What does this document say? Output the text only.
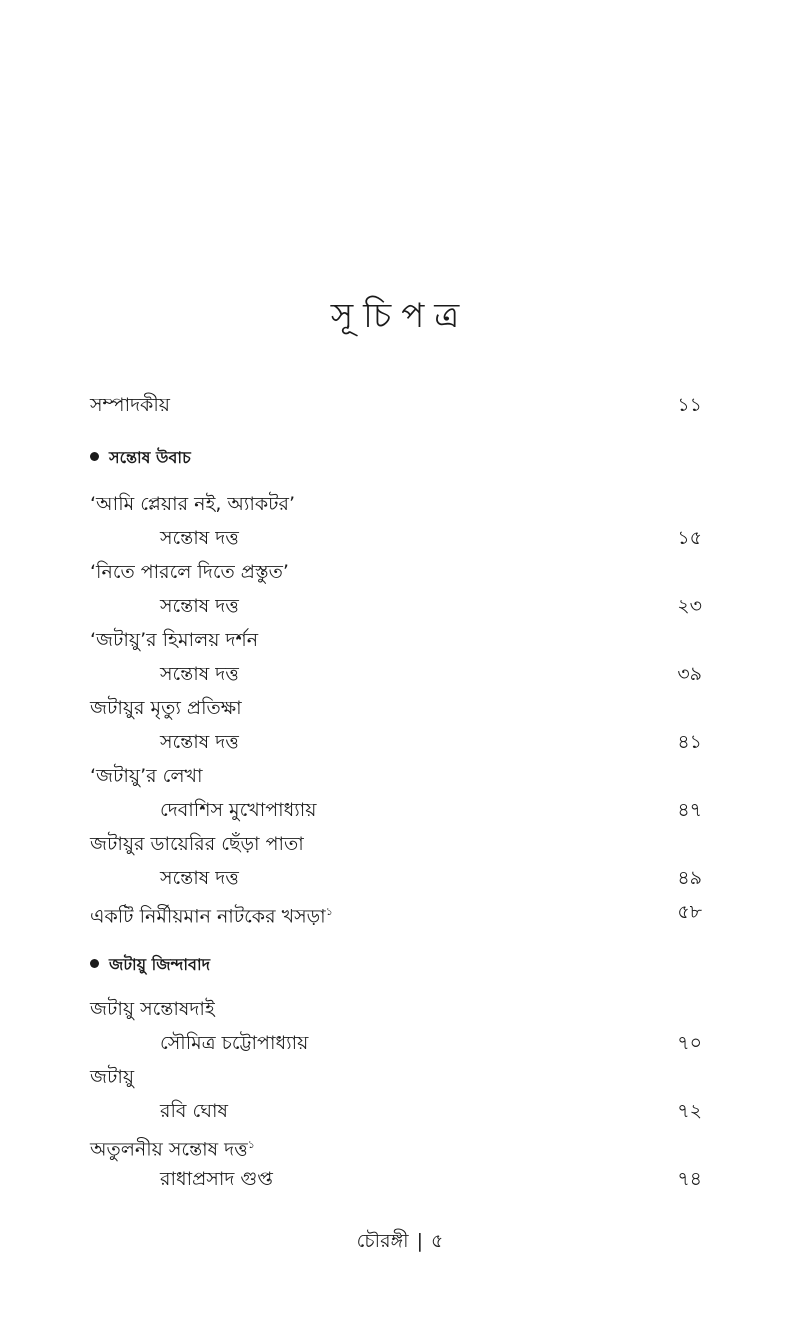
সূচিপত্র
সম্পাদকীয়	১১
সন্তোষ উবাচ
‘আমি প্লেয়ার নই, অ্যাকটর’
সন্তোষ দত্ত	১৫
‘নিতে পারলে দিতে প্রস্তুত’
সন্তোষ দত্ত	২৩
‘জটায়ু’র হিমালয় দর্শন
সন্তোষ দত্ত	৩৯
জটায়ুর মৃত্যু প্রতিক্ষা
সন্তোষ দত্ত	৪১
‘জটায়ু’র লেখা
দেবাশিস মুখোপাধ্যায়	৪৭
জটায়ুর ডায়েরির ছেঁড়া পাতা
সন্তোষ দত্ত	৪৯
একটি নির্মীয়মান নাটকের খসড়া$^১$	৫৮
জটায়ু জিন্দাবাদ
জটায়ু সন্তোষদাই
সৌমিত্র চট্টোপাধ্যায়	৭০
জটায়ু
রবি ঘোষ	৭২
অতুলনীয় সন্তোষ দত্ত$^১$
রাধাপ্রসাদ গুপ্ত	৭৪
চৌরঙ্গী | ৫
